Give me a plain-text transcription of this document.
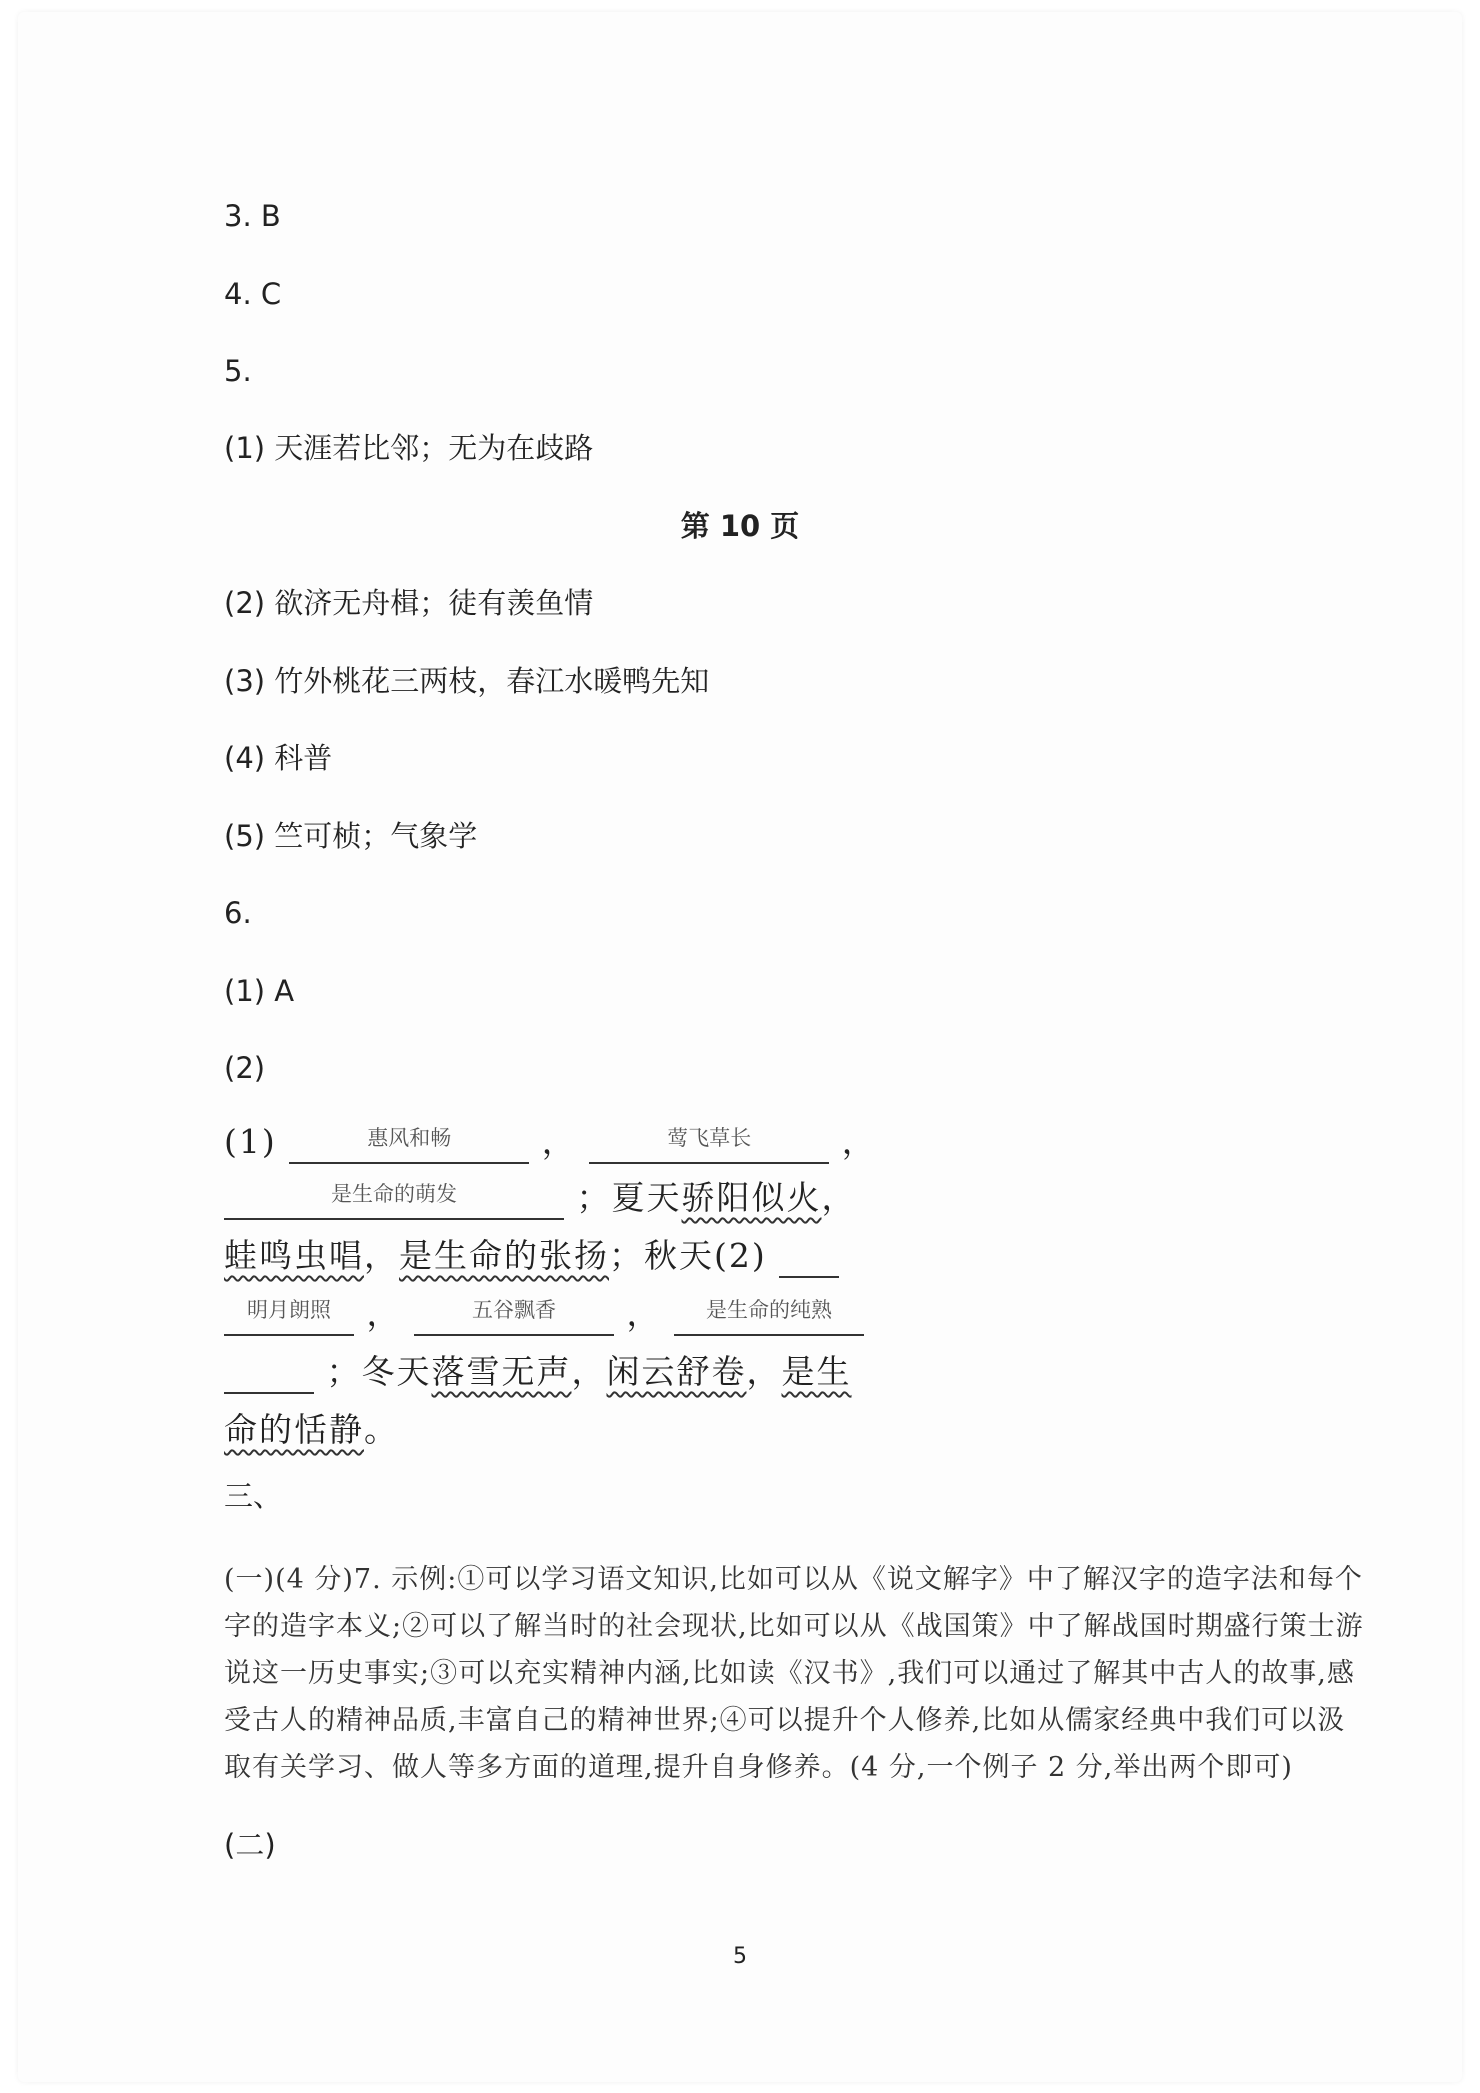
3. B
4. C
5.
(1) 天涯若比邻；无为在歧路
第 10 页
(2) 欲济无舟楫；徒有羡鱼情
(3) 竹外桃花三两枝，春江水暖鸭先知
(4) 科普
(5) 竺可桢；气象学
6.
(1) A
(2)
(1)	惠风和畅	，	莺飞草长	，
是生命的萌发	；夏天骄阳似火，
蛙鸣虫唱，是生命的张扬；秋天(2)
明月朗照	，	五谷飘香	，	是生命的纯熟
；冬天落雪无声，闲云舒卷，是生
命的恬静。
三、
(一)(4 分)7. 示例:①可以学习语文知识,比如可以从《说文解字》中了解汉字的造字法和每个
字的造字本义;②可以了解当时的社会现状,比如可以从《战国策》中了解战国时期盛行策士游
说这一历史事实;③可以充实精神内涵,比如读《汉书》,我们可以通过了解其中古人的故事,感
受古人的精神品质,丰富自己的精神世界;④可以提升个人修养,比如从儒家经典中我们可以汲
取有关学习、做人等多方面的道理,提升自身修养。(4 分,一个例子 2 分,举出两个即可)
(二)
5
